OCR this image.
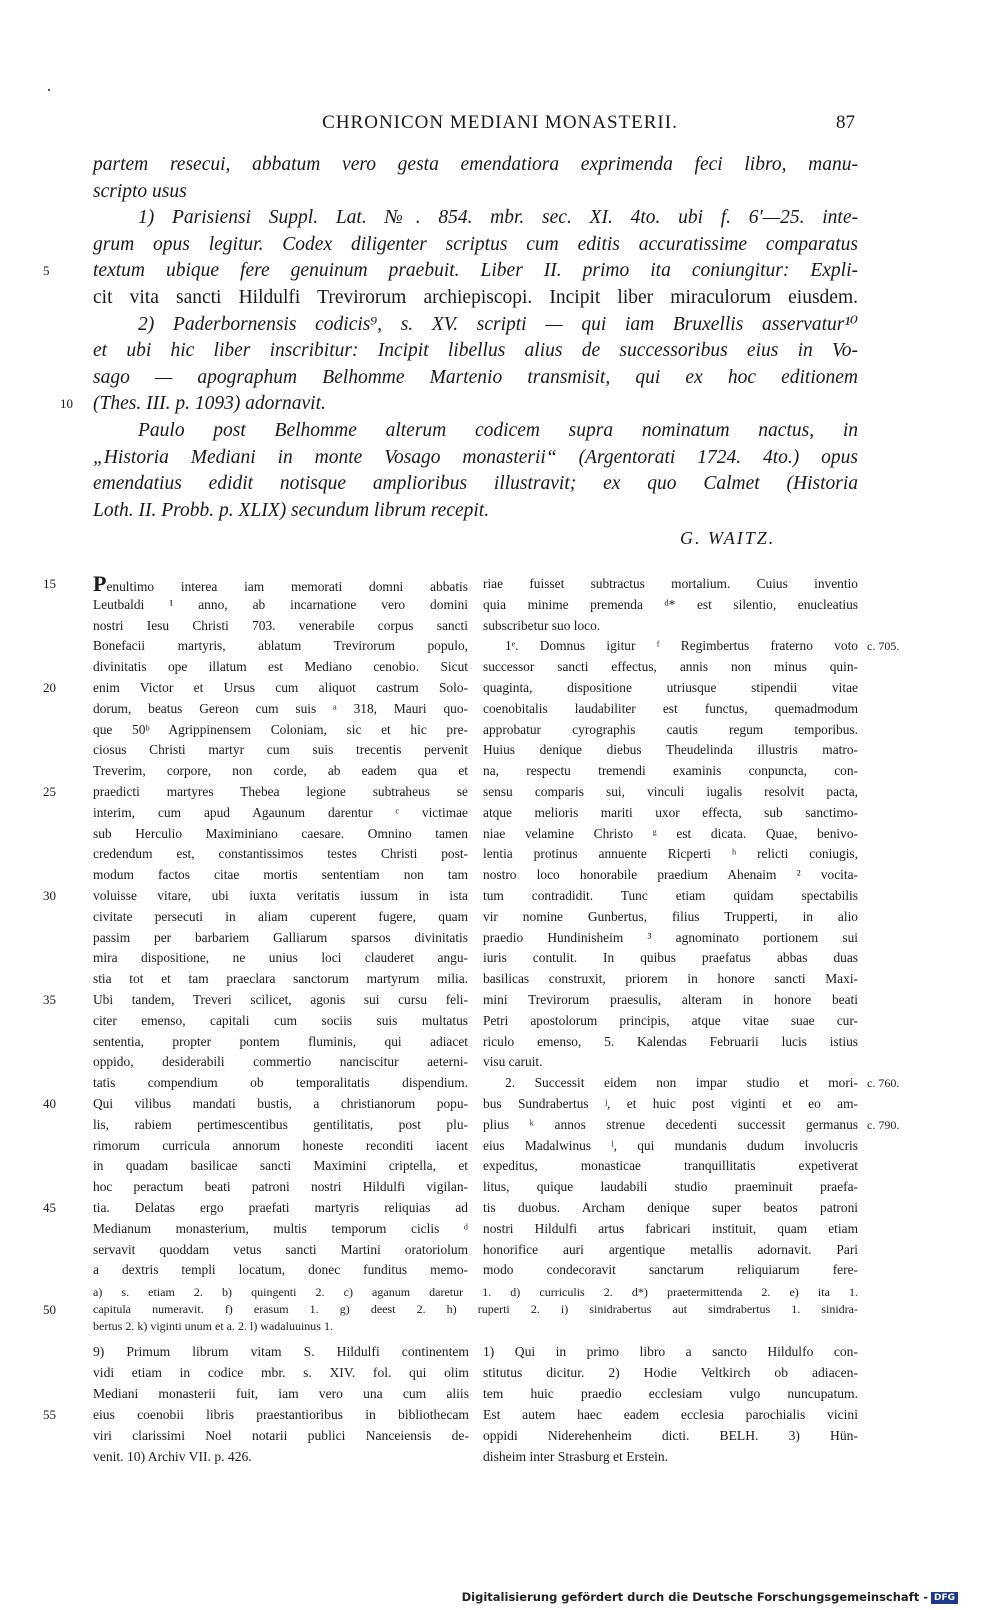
CHRONICON MEDIANI MONASTERII.	87
partem resecui, abbatum vero gesta emendatiora exprimenda feci libro, manu-
scripto usus
1) Parisiensi Suppl. Lat. №. 854. mbr. sec. XI. 4to. ubi f. 6′—25. inte-
grum opus legitur. Codex diligenter scriptus cum editis accuratissime comparatus
5	textum ubique fere genuinum praebuit. Liber II. primo ita coniungitur: Expli-
cit vita sancti Hildulfi Trevirorum archiepiscopi. Incipit liber miraculorum eiusdem.
2) Paderbornensis codicis⁹, s. XV. scripti — qui iam Bruxellis asservatur¹⁰
et ubi hic liber inscribitur: Incipit libellus alius de successoribus eius in Vo-
sago — apographum Belhomme Martenio transmisit, qui ex hoc editionem
10 (Thes. III. p. 1093) adornavit.
Paulo post Belhomme alterum codicem supra nominatum nactus, in
„Historia Mediani in monte Vosago monasterii“ (Argentorati 1724. 4to.) opus
emendatius edidit notisque amplioribus illustravit; ex quo Calmet (Historia
Loth. II. Probb. p. XLIX) secundum librum recepit.
G. WAITZ.
15	Penultimo interea iam memorati domni abbatis
Leutbaldi ¹ anno, ab incarnatione vero domini
nostri Iesu Christi 703. venerabile corpus sancti
Bonefacii martyris, ablatum Trevirorum populo,
divinitatis ope illatum est Mediano cenobio. Sicut
20	enim Victor et Ursus cum aliquot castrum Solo-
dorum, beatus Gereon cum suis ᵃ 318, Mauri quo-
que 50ᵇ Agrippinensem Coloniam, sic et hic pre-
ciosus Christi martyr cum suis trecentis pervenit
Treverim, corpore, non corde, ab eadem qua et
25	praedicti martyres Thebea legione subtraheus se
interim, cum apud Agaunum darentur ᶜ victimae
sub Herculio Maximiniano caesare. Omnino tamen
credendum est, constantissimos testes Christi post-
modum factos citae mortis sententiam non tam
30	voluisse vitare, ubi iuxta veritatis iussum in ista
civitate persecuti in aliam cuperent fugere, quam
passim per barbariem Galliarum sparsos divinitatis
mira dispositione, ne unius loci clauderet angu-
stia tot et tam praeclara sanctorum martyrum milia.
35	Ubi tandem, Treveri scilicet, agonis sui cursu feli-
citer emenso, capitali cum sociis suis multatus
sententia, propter pontem fluminis, qui adiacet
oppido, desiderabili commertio nanciscitur aeterni-
tatis compendium ob temporalitatis dispendium.
40	Qui vilibus mandati bustis, a christianorum popu-
lis, rabiem pertimescentibus gentilitatis, post plu-
rimorum curricula annorum honeste reconditi iacent
in quadam basilicae sancti Maximini criptella, et
hoc peractum beati patroni nostri Hildulfi vigilan-
45	tia. Delatas ergo praefati martyris reliquias ad
Medianum monasterium, multis temporum ciclis ᵈ
servavit quoddam vetus sancti Martini oratoriolum
a dextris templi locatum, donec funditus memo-
riae fuisset subtractus mortalium. Cuius inventio
quia minime premenda ᵈ* est silentio, enucleatius
subscribetur suo loco.
1ᵉ. Domnus igitur ᶠ Regimbertus fraterno voto c. 705.
successor sancti effectus, annis non minus quin-
quaginta, dispositione utriusque stipendii vitae
coenobitalis laudabiliter est functus, quemadmodum
approbatur cyrographis cautis regum temporibus.
Huius denique diebus Theudelinda illustris matro-
na, respectu tremendi examinis conpuncta, con-
sensu comparis sui, vinculi iugalis resolvit pacta,
atque melioris mariti uxor effecta, sub sanctimo-
niae velamine Christo ᵍ est dicata. Quae, benivo-
lentia protinus annuente Ricperti ʰ relicti coniugis,
nostro loco honorabile praedium Ahenaim ² vocita-
tum contradidit. Tunc etiam quidam spectabilis
vir nomine Gunbertus, filius Trupperti, in alio
praedio Hundinisheim ³ agnominato portionem sui
iuris contulit. In quibus praefatus abbas duas
basilicas construxit, priorem in honore sancti Maxi-
mini Trevirorum praesulis, alteram in honore beati
Petri apostolorum principis, atque vitae suae cur-
riculo emenso, 5. Kalendas Februarii lucis istius
visu caruit.
2. Successit eidem non impar studio et mori- c. 760.
bus Sundrabertus ʲ, et huic post viginti et eo am-
plius ᵏ annos strenue decedenti successit germanus c. 790.
eius Madalwinus ˡ, qui mundanis dudum involucris
expeditus, monasticae tranquillitatis expetiverat
litus, quique laudabili studio praeminuit praefa-
tis duobus. Archam denique super beatos patroni
nostri Hildulfi artus fabricari instituit, quam etiam
honorifice auri argentique metallis adornavit. Pari
modo condecoravit sanctarum reliquiarum fere-
a) s. etiam 2. b) quingenti 2. c) aganum daretur 1. d) curriculis 2. d*) praetermittenda 2. e) ita 1.
50	capitula numeravit. f) erasum 1. g) deest 2. h) ruperti 2. i) sinidrabertus aut simdrabertus 1. sinidra-
bertus 2. k) viginti unum et a. 2. l) wadaluuinus 1.
9) Primum librum vitam S. Hildulfi continentem
vidi etiam in codice mbr. s. XIV. fol. qui olim
Mediani monasterii fuit, iam vero una cum aliis
55	eius coenobii libris praestantioribus in bibliothecam
viri clarissimi Noel notarii publici Nanceiensis de-
venit. 10) Archiv VII. p. 426.
1) Qui in primo libro a sancto Hildulfo con-
stitutus dicitur. 2) Hodie Veltkirch ob adiacen-
tem huic praedio ecclesiam vulgo nuncupatum.
Est autem haec eadem ecclesia parochialis vicini
oppidi Niderehenheim dicti. BELH. 3) Hün-
disheim inter Strasburg et Erstein.
Digitalisierung gefördert durch die Deutsche Forschungsgemeinschaft - DFG
